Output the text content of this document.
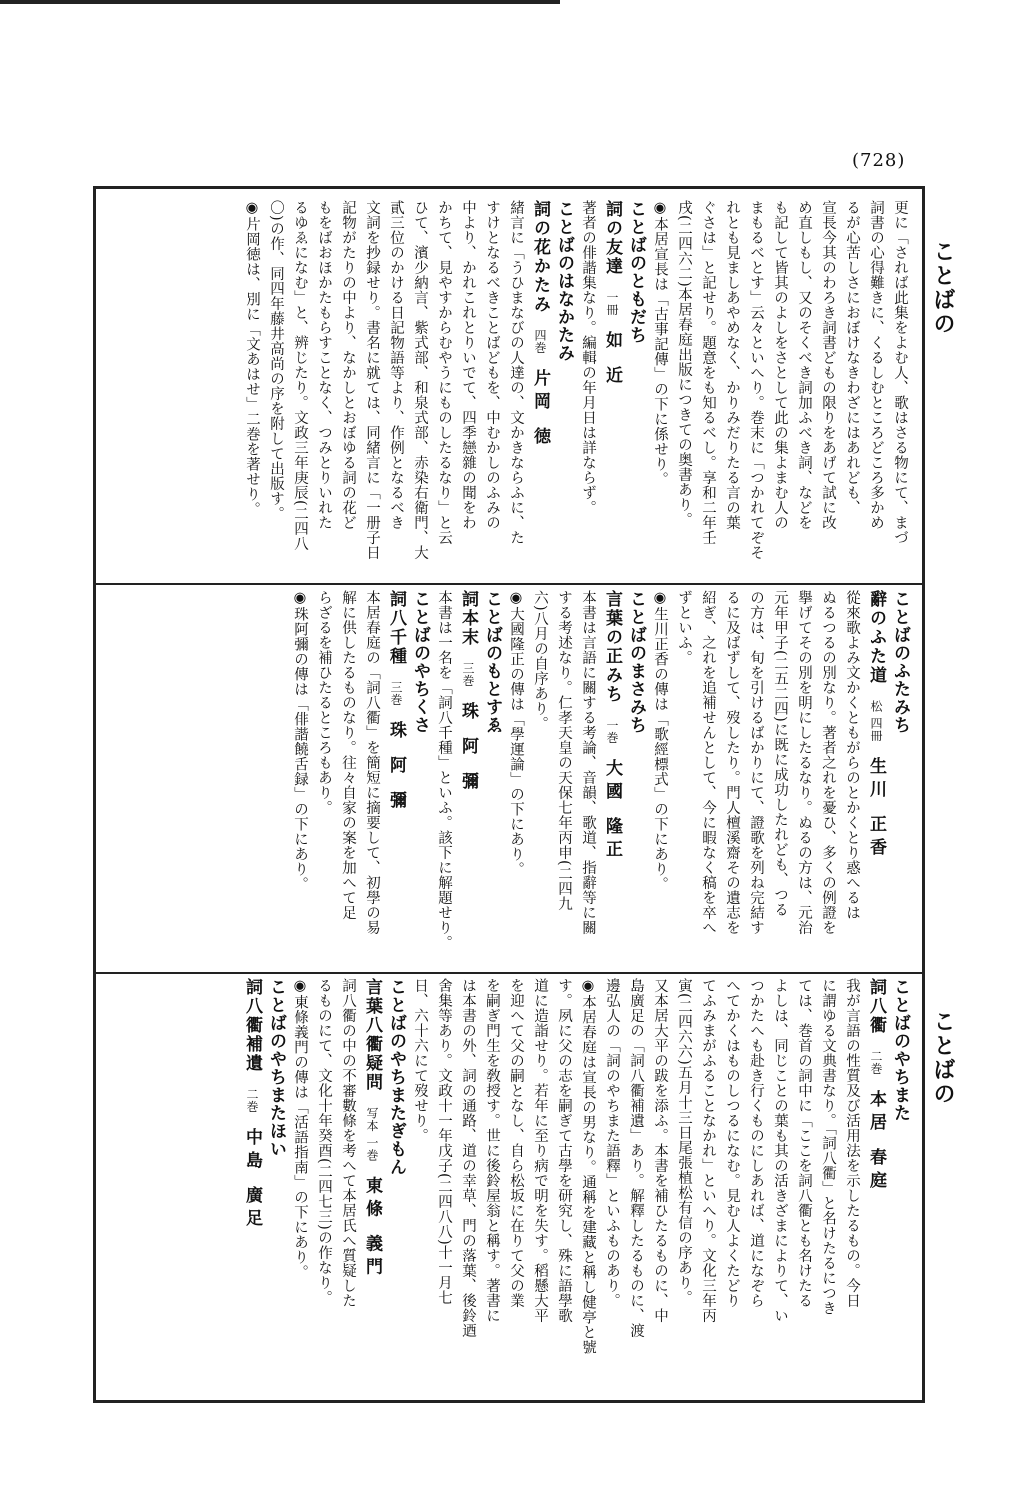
(728)
ことばの
ことばの
更に「されば此集をよむ人、歌はさる物にて、まづ
詞書の心得難きに、くるしむところどころ多かめ
るが心苦しさにおぼけなきわざにはあれども、
宣長今其のわろき詞書どもの限りをあげて試に改
め直しもし、又のそくべき詞加ふべき詞、などを
も記して皆其のよしをさとして此の集よまむ人の
まもるべとす」云々といへり。巻末に「つかれてぞそ
れとも見ましあやめなく、かりみだりたる言の葉
ぐさは」と記せり。題意をも知るべし。享和二年壬
戌(二四六二)本居春庭出版につきての奥書あり。
◉本居宣長は「古事記傳」の下に係せり。
ことばのともだち
詞の友達 一冊 如 近
著者の俳諧集なり。編輯の年月日は詳ならず。
ことばのはなかたみ
詞の花かたみ 四巻 片岡 徳
緒言に「うひまなびの人達の、文かきならふに、た
すけとなるべきことばどもを、中むかしのふみの
中より、かれこれとりいでて、四季戀雜の聞をわ
かちて、見やすからむやうにものしたるなり」と云
ひて、濱少納言、紫式部、和泉式部、赤染右衛門、大
貳三位のかける日記物語等より、作例となるべき
文詞を抄録せり。書名に就ては、同緒言に「一册子日
記物がたりの中より、なかしとおぼゆる詞の花ど
もをばおほかたもらすことなく、つみとりいれた
るゆゑになむ」と、辨じたり。文政三年庚辰(二四八
〇)の作、同四年藤井高尚の序を附して出版す。
◉片岡徳は、別に「文あはせ」二巻を著せり。
ことばのふたみち
辭のふた道 松 四冊 生川 正香
從來歌よみ文かくともがらのとかくとり惑へるは
ぬるつるの別なり。著者之れを憂ひ、多くの例證を
擧げてその別を明にしたるなり。ぬるの方は、元治
元年甲子(二五二四)に既に成功したれども、つる
の方は、旬を引けるばかりにて、證歌を列ね完結す
るに及ばずして、歿したり。門人檀溪齋その遺志を
紹ぎ、之れを追補せんとして、今に暇なく稿を卒へ
ずといふ。
◉生川正香の傳は「歌經標式」の下にあり。
ことばのまさみち
言葉の正みち 一巻 大國 隆正
本書は言語に關する考論、音韻、歌道、指辭等に關
する考述なり。仁孝天皇の天保七年丙申(二四九
六)八月の自序あり。
◉大國隆正の傳は「學運論」の下にあり。
ことばのもとすゑ
詞本末 三巻 珠 阿 彌
本書は一名を「詞八千種」といふ。該下に解題せり。
ことばのやちくさ
詞八千種 三巻 珠 阿 彌
本居春庭の「詞八衢」を簡短に摘要して、初學の易
解に供したるものなり。往々自家の案を加へて足
らざるを補ひたるところもあり。
◉珠阿彌の傳は「俳諧饒舌録」の下にあり。
ことばのやちまた
詞八衢 二巻 本居 春庭
我が言語の性質及び活用法を示したるもの。今日
に謂ゆる文典書なり。「詞八衢」と名けたるにつき
ては、巻首の詞中に「ここを詞八衢とも名けたる
よしは、同じことの葉も其の活きざまによりて、い
つかたへも赴き行くものにしあれば、道になぞら
へてかくはものしつるになむ。見む人よくたどり
てふみまがふることなかれ」といへり。文化三年丙
寅(二四六六)五月十三日尾張植松有信の序あり。
又本居大平の跋を添ふ。本書を補ひたるものに、中
島廣足の「詞八衢補遺」あり。解釋したるものに、渡
邊弘人の「詞のやちまた語釋」といふものあり。
◉本居春庭は宣長の男なり。通稱を建藏と稱し健亭と號
す。夙に父の志を嗣ぎて古學を研究し、殊に語學歌
道に造詣せり。若年に至り病で明を失す。稻懸大平
を迎へて父の嗣となし、自ら松坂に在りて父の業
を嗣ぎ門生を敎授す。世に後鈴屋翁と稱す。著書に
は本書の外、詞の通路、道の幸草、門の落葉、後鈴迺
舍集等あり。文政十一年戊子(二四八八)十一月七
日、六十六にて歿せり。
ことばのやちまたぎもん
言葉八衢疑問 写本 一巻 東條 義門
詞八衢の中の不審數條を考へて本居氏へ質疑した
るものにて、文化十年癸酉(二四七三)の作なり。
◉東條義門の傳は「活語指南」の下にあり。
ことばのやちまたほい
詞八衢補遺 二巻 中島 廣足
